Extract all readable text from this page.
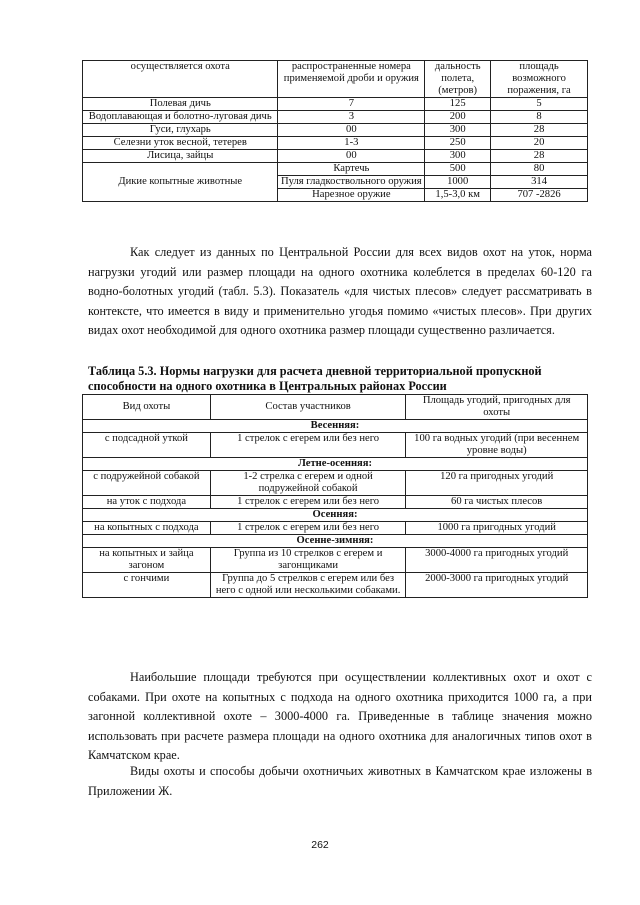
осуществляется охота	распространенные номера применяемой дроби и оружия	дальность полета, (метров)	площадь возможного поражения, га
Полевая дичь	7	125	5
Водоплавающая и болотно-луговая дичь	3	200	8
Гуси, глухарь	00	300	28
Селезни уток весной, тетерев	1-3	250	20
Лисица, зайцы	00	300	28
Дикие копытные животные	Картечь	500	80
	Пуля гладкоствольного оружия	1000	314
	Нарезное оружие	1,5-3,0 км	707 -2826

Как следует из данных по Центральной России для всех видов охот на уток, норма нагрузки угодий или размер площади на одного охотника колеблется в пределах 60-120 га водно-болотных угодий (табл. 5.3). Показатель «для чистых плесов» следует рассматривать в контексте, что имеется в виду и применительно угодья помимо «чистых плесов». При других видах охот необходимой для одного охотника размер площади существенно различается.

Таблица 5.3. Нормы нагрузки для расчета дневной территориальной пропускной способности на одного охотника в Центральных районах России
Вид охоты	Состав участников	Площадь угодий, пригодных для охоты
Весенняя:		
с подсадной уткой	1 стрелок с егерем или без него	100 га водных угодий (при весеннем уровне воды)
Летне-осенняя:		
с подружейной собакой	1-2 стрелка с егерем и одной подружейной собакой	120 га пригодных угодий
на уток с подхода	1 стрелок с егерем или без него	60 га чистых плесов
Осенняя:		
на копытных с подхода	1 стрелок с егерем или без него	1000 га пригодных угодий
Осенне-зимняя:		
на копытных и зайца загоном	Группа из 10 стрелков с егерем и загонщиками	3000-4000 га пригодных угодий
с гончими	Группа до 5 стрелков с егерем или без него с одной или несколькими собаками.	2000-3000 га пригодных угодий

Наибольшие площади требуются при осуществлении коллективных охот и охот с собаками. При охоте на копытных с подхода на одного охотника приходится 1000 га, а при загонной коллективной охоте – 3000-4000 га. Приведенные в таблице значения можно использовать при расчете размера площади на одного охотника для аналогичных типов охот в Камчатском крае.

Виды охоты и способы добычи охотничьих животных в Камчатском крае изложены в Приложении Ж.

262
